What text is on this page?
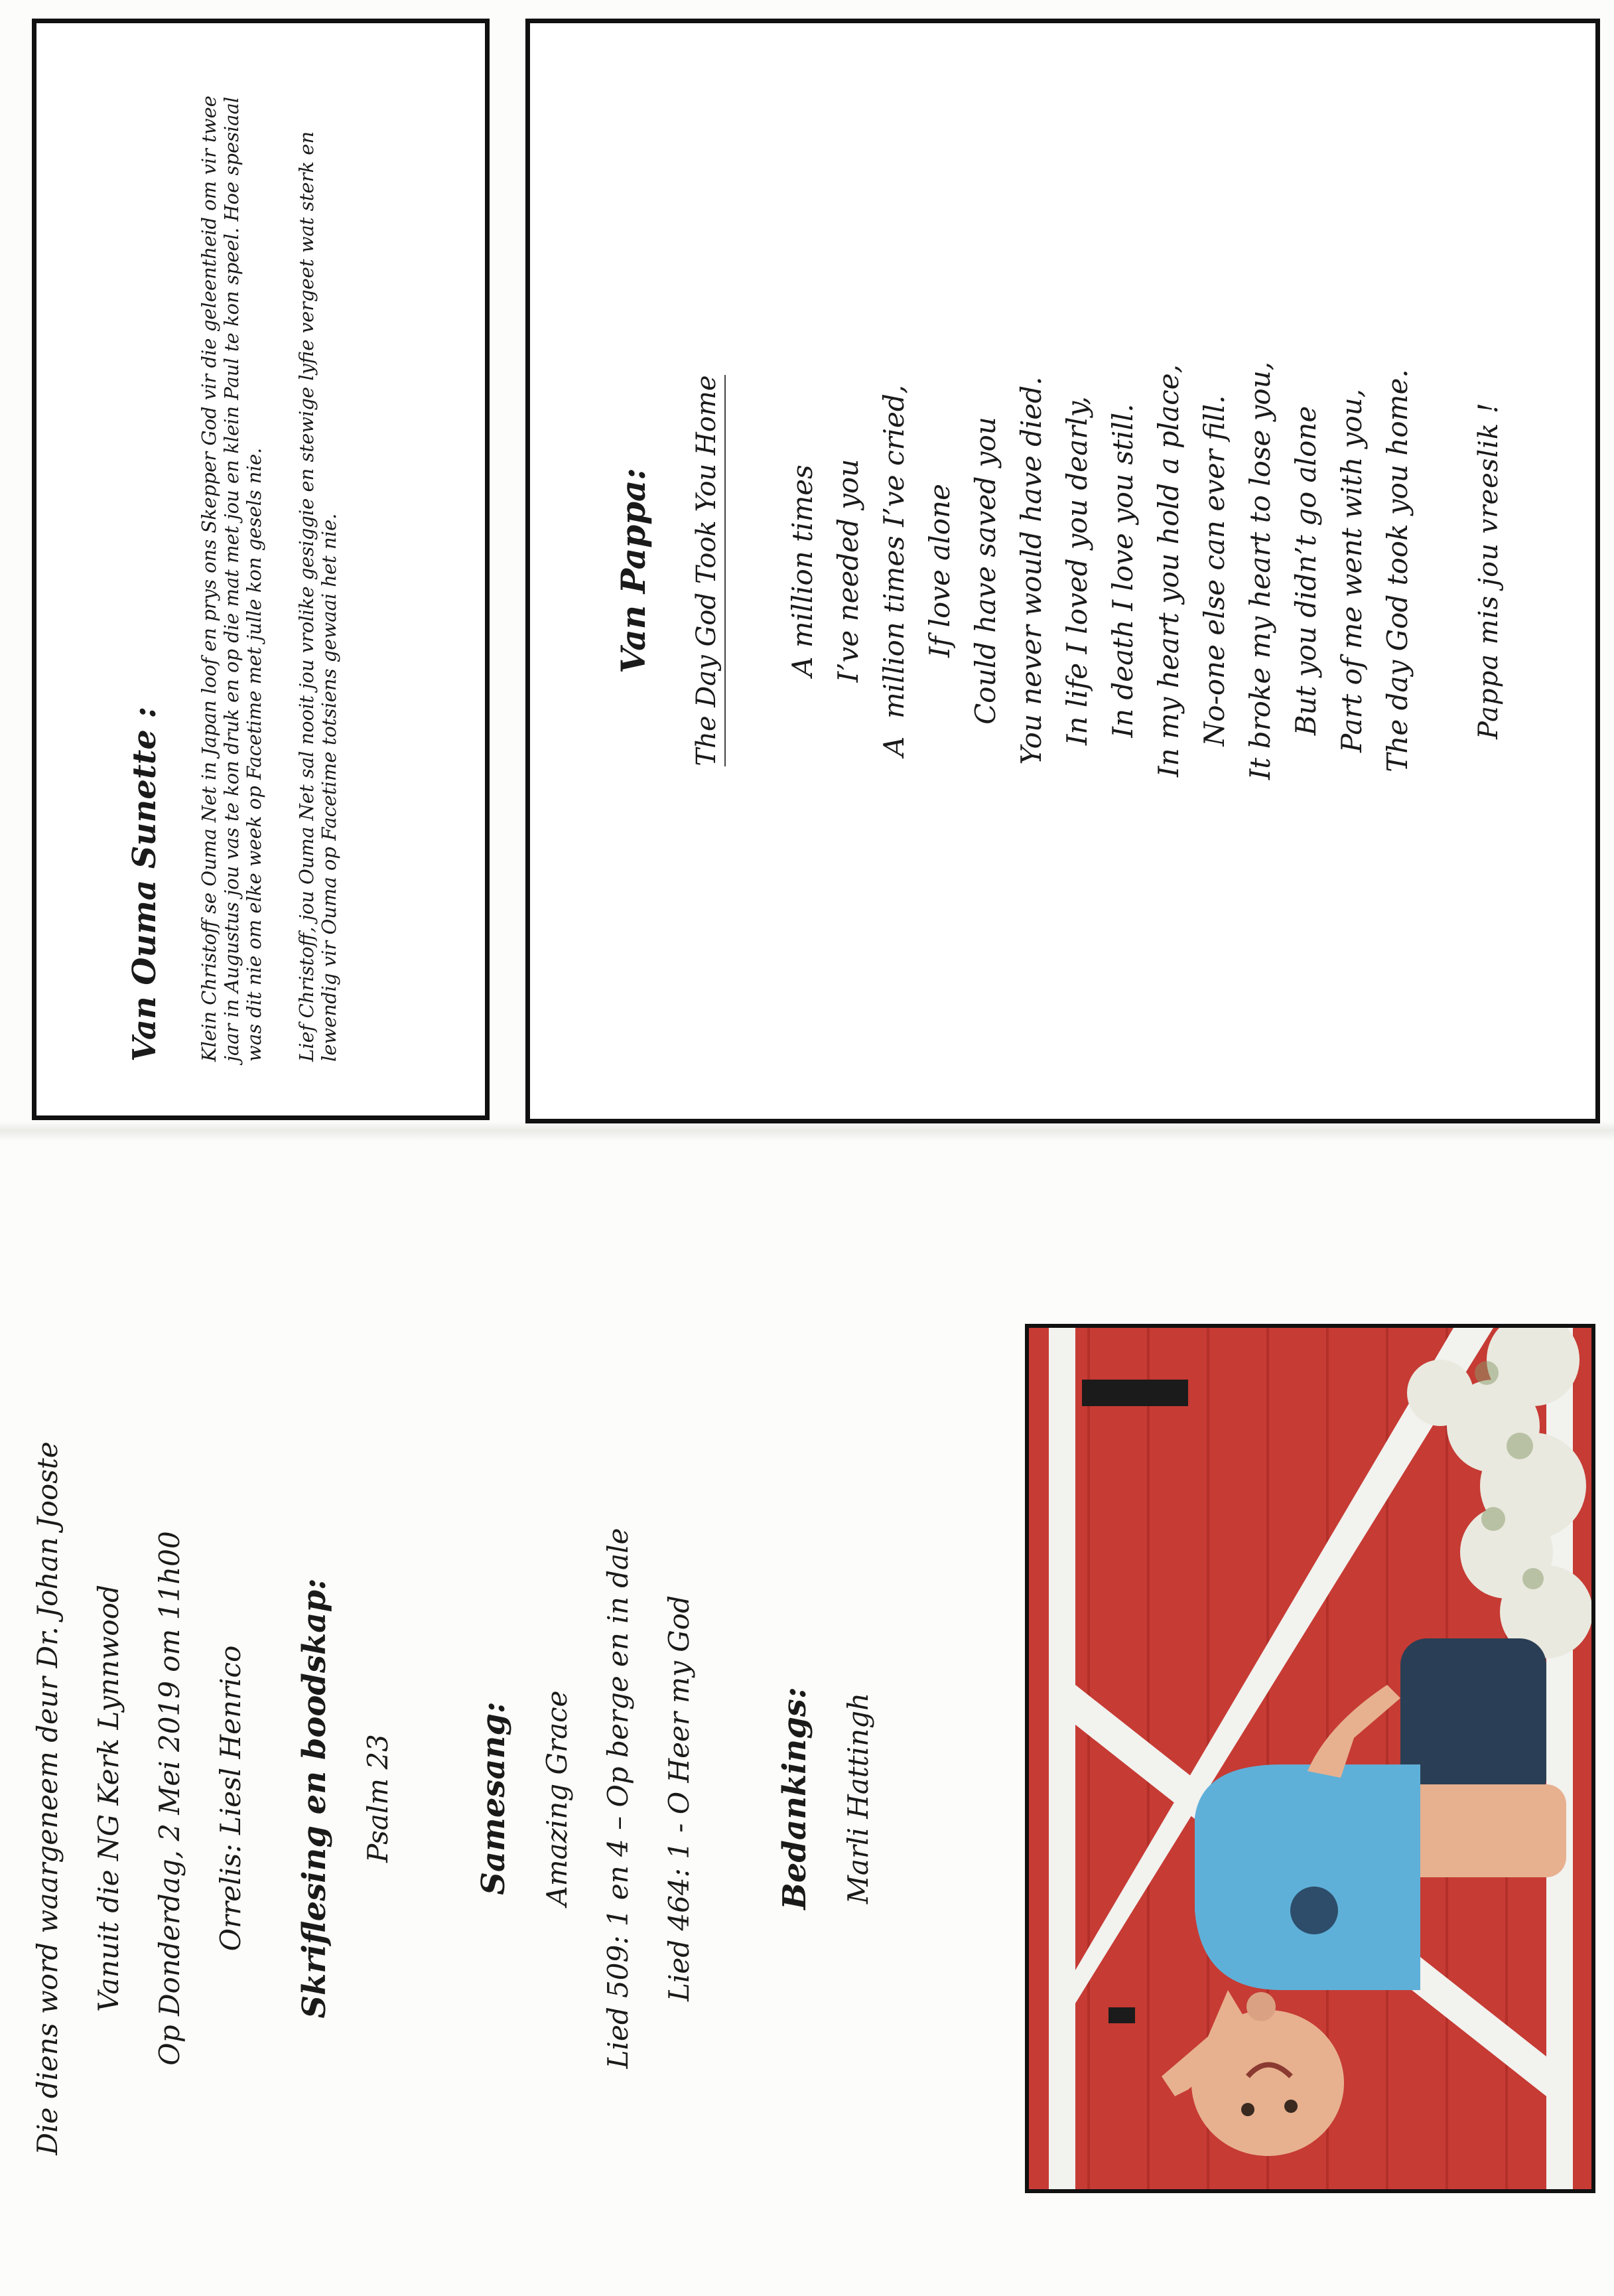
Van Ouma Sunette :	Klein Christoff se Ouma Net in Japan loof en prys ons Skepper God vir die geleentheid om vir twee jaar in Augustus jou vas te kon druk en op die mat met jou en klein Paul te kon speel. Hoe spesiaal was dit nie om elke week op Facetime met julle kon gesels nie. Lief Christoff, jou Ouma Net sal nooit jou vrolike gesiggie en stewige lyfie vergeet wat sterk en lewendig vir Ouma op Facetime totsiens gewaai het nie.	Van Pappa: The Day God Took You Home A million times I’ve needed you A  million times I’ve cried, If love alone Could have saved you You never would have died. In life I loved you dearly, In death I love you still. In my heart you hold a place, No-one else can ever fill. It broke my heart to lose you, But you didn’t go alone Part of me went with you, The day God took you home. Pappa mis jou vreeslik !
Die diens word waargeneem deur Dr. Johan Jooste	Vanuit die NG Kerk Lynnwood	Op Donderdag, 2 Mei 2019 om 11h00	Orrelis: Liesl Henrico	Skriflesing en boodskap:	Psalm 23	Samesang:	Amazing Grace	Lied 509: 1 en 4 – Op berge en in dale	Lied 464: 1 - O Heer my God	Bedankings:	Marli Hattingh
